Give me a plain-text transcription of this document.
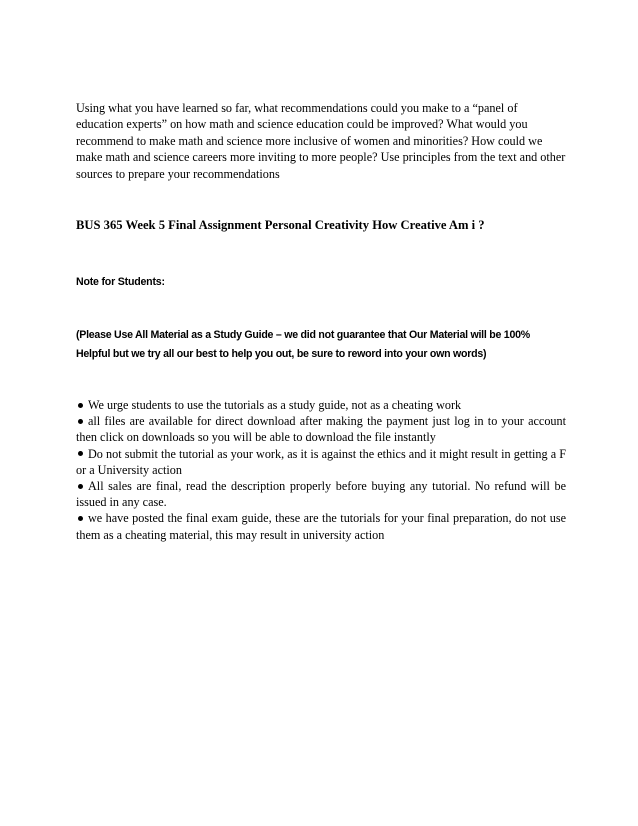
Using what you have learned so far, what recommendations could you make to a “panel of education experts” on how math and science education could be improved? What would you recommend to make math and science more inclusive of women and minorities? How could we make math and science careers more inviting to more people? Use principles from the text and other sources to prepare your recommendations

BUS 365 Week 5 Final Assignment Personal Creativity How Creative Am i ?

Note for Students:

(Please Use All Material as a Study Guide – we did not guarantee that Our Material will be 100% Helpful but we try all our best to help you out, be sure to reword into your own words)

We urge students to use the tutorials as a study guide, not as a cheating work
all files are available for direct download after making the payment just log in to your account then click on downloads so you will be able to download the file instantly
Do not submit the tutorial as your work, as it is against the ethics and it might result in getting a F or a University action
All sales are final, read the description properly before buying any tutorial. No refund will be issued in any case.
we have posted the final exam guide, these are the tutorials for your final preparation, do not use them as a cheating material, this may result in university action
